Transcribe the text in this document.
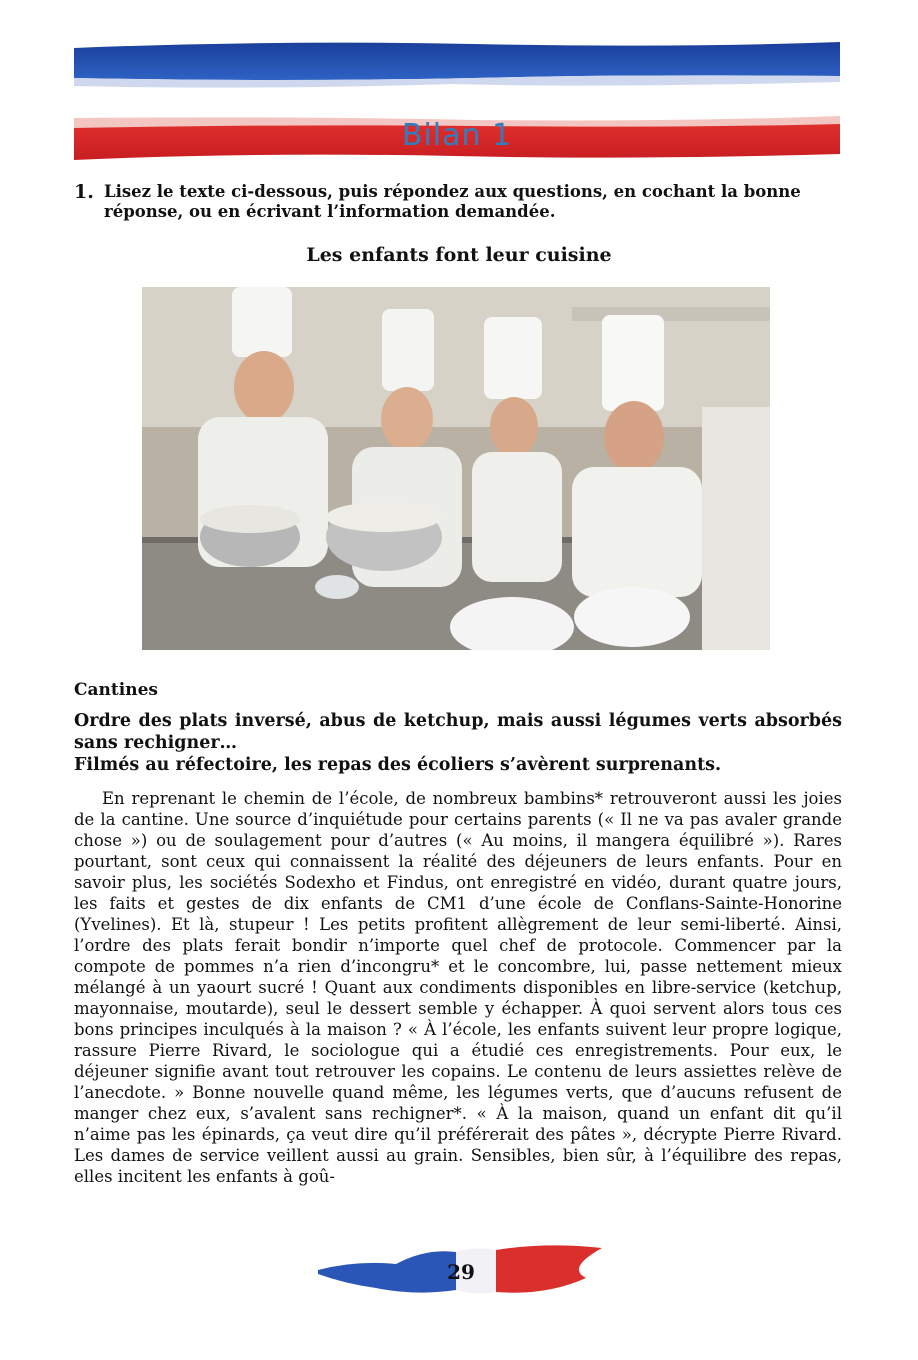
Bilan 1
1. Lisez le texte ci-dessous, puis répondez aux questions, en cochant la bonne réponse, ou en écrivant l’information demandée.
Les enfants font leur cuisine
Cantines

Ordre des plats inversé, abus de ketchup, mais aussi légumes verts absorbés sans rechigner…

Filmés au réfectoire, les repas des écoliers s’avèrent surprenants.

En reprenant le chemin de l’école, de nombreux bambins* retrouveront aussi les joies de la cantine. Une source d’inquiétude pour certains parents (« Il ne va pas avaler grande chose ») ou de soulagement pour d’autres (« Au moins, il mangera équilibré »). Rares pourtant, sont ceux qui connaissent la réalité des déjeuners de leurs enfants. Pour en savoir plus, les sociétés Sodexho et Findus, ont enregistré en vidéo, durant quatre jours, les faits et gestes de dix enfants de CM1 d’une école de Conflans-Sainte-Honorine (Yvelines). Et là, stupeur ! Les petits profitent allègrement de leur semi-liberté. Ainsi, l’ordre des plats ferait bondir n’importe quel chef de protocole. Commencer par la compote de pommes n’a rien d’incongru* et le concombre, lui, passe nettement mieux mélangé à un yaourt sucré ! Quant aux condiments disponibles en libre-service (ketchup, mayonnaise, moutarde), seul le dessert semble y échapper. À quoi servent alors tous ces bons principes inculqués à la maison ? « À l’école, les enfants suivent leur propre logique, rassure Pierre Rivard, le sociologue qui a étudié ces enregistrements. Pour eux, le déjeuner signifie avant tout retrouver les copains. Le contenu de leurs assiettes relève de l’anecdote. » Bonne nouvelle quand même, les légumes verts, que d’aucuns refusent de manger chez eux, s’avalent sans rechigner*. « À la maison, quand un enfant dit qu’il n’aime pas les épinards, ça veut dire qu’il préférerait des pâtes », décrypte Pierre Rivard. Les dames de service veillent aussi au grain. Sensibles, bien sûr, à l’équilibre des repas, elles incitent les enfants à goû-

29
